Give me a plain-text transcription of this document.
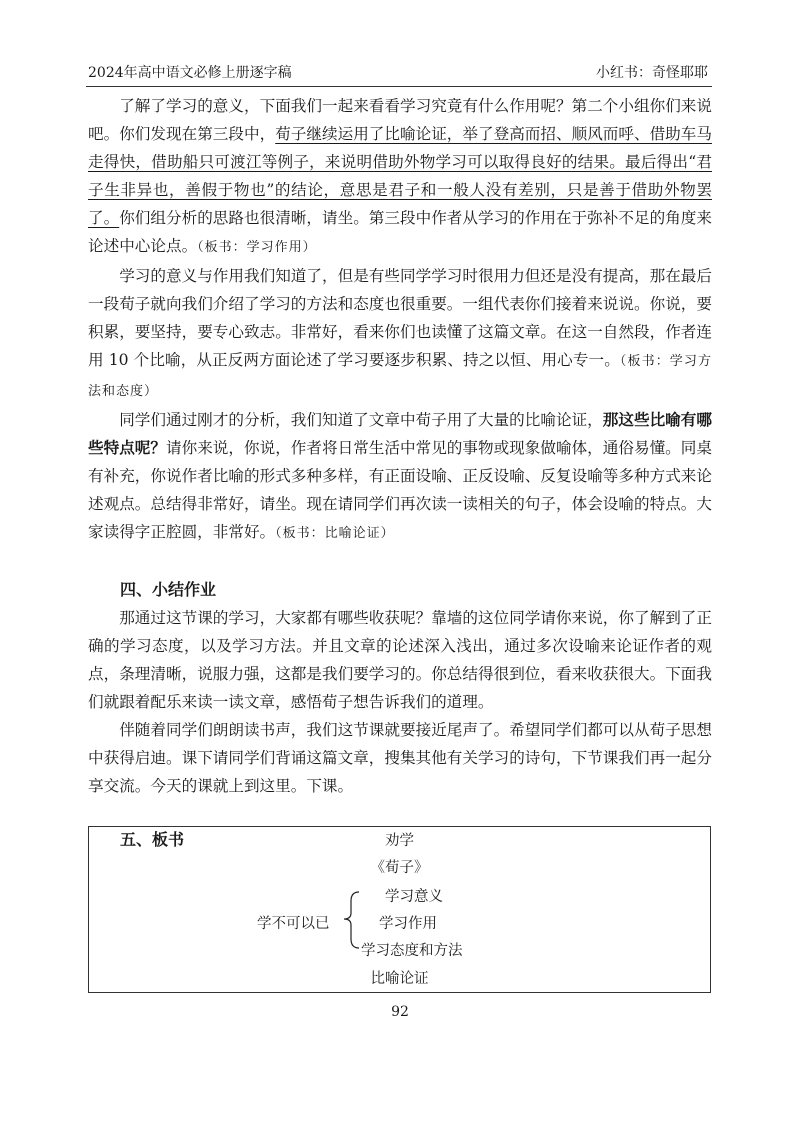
2024年高中语文必修上册逐字稿	小红书：奇怪耶耶

了解了学习的意义，下面我们一起来看看学习究竟有什么作用呢？第二个小组你们来说吧。你们发现在第三段中，荀子继续运用了比喻论证，举了登高而招、顺风而呼、借助车马走得快，借助船只可渡江等例子，来说明借助外物学习可以取得良好的结果。最后得出“君子生非异也，善假于物也”的结论，意思是君子和一般人没有差别，只是善于借助外物罢了。你们组分析的思路也很清晰，请坐。第三段中作者从学习的作用在于弥补不足的角度来论述中心论点。（板书：学习作用）

学习的意义与作用我们知道了，但是有些同学学习时很用力但还是没有提高，那在最后一段荀子就向我们介绍了学习的方法和态度也很重要。一组代表你们接着来说说。你说，要积累，要坚持，要专心致志。非常好，看来你们也读懂了这篇文章。在这一自然段，作者连用 10 个比喻，从正反两方面论述了学习要逐步积累、持之以恒、用心专一。（板书：学习方法和态度）

同学们通过刚才的分析，我们知道了文章中荀子用了大量的比喻论证，那这些比喻有哪些特点呢？请你来说，你说，作者将日常生活中常见的事物或现象做喻体，通俗易懂。同桌有补充，你说作者比喻的形式多种多样，有正面设喻、正反设喻、反复设喻等多种方式来论述观点。总结得非常好，请坐。现在请同学们再次读一读相关的句子，体会设喻的特点。大家读得字正腔圆，非常好。（板书：比喻论证）

四、小结作业

那通过这节课的学习，大家都有哪些收获呢？靠墙的这位同学请你来说，你了解到了正确的学习态度，以及学习方法。并且文章的论述深入浅出，通过多次设喻来论证作者的观点，条理清晰，说服力强，这都是我们要学习的。你总结得很到位，看来收获很大。下面我们就跟着配乐来读一读文章，感悟荀子想告诉我们的道理。

伴随着同学们朗朗读书声，我们这节课就要接近尾声了。希望同学们都可以从荀子思想中获得启迪。课下请同学们背诵这篇文章，搜集其他有关学习的诗句，下节课我们再一起分享交流。今天的课就上到这里。下课。

五、板书	劝学
《荀子》
学不可以已
学习意义
学习作用
学习态度和方法
比喻论证
92
